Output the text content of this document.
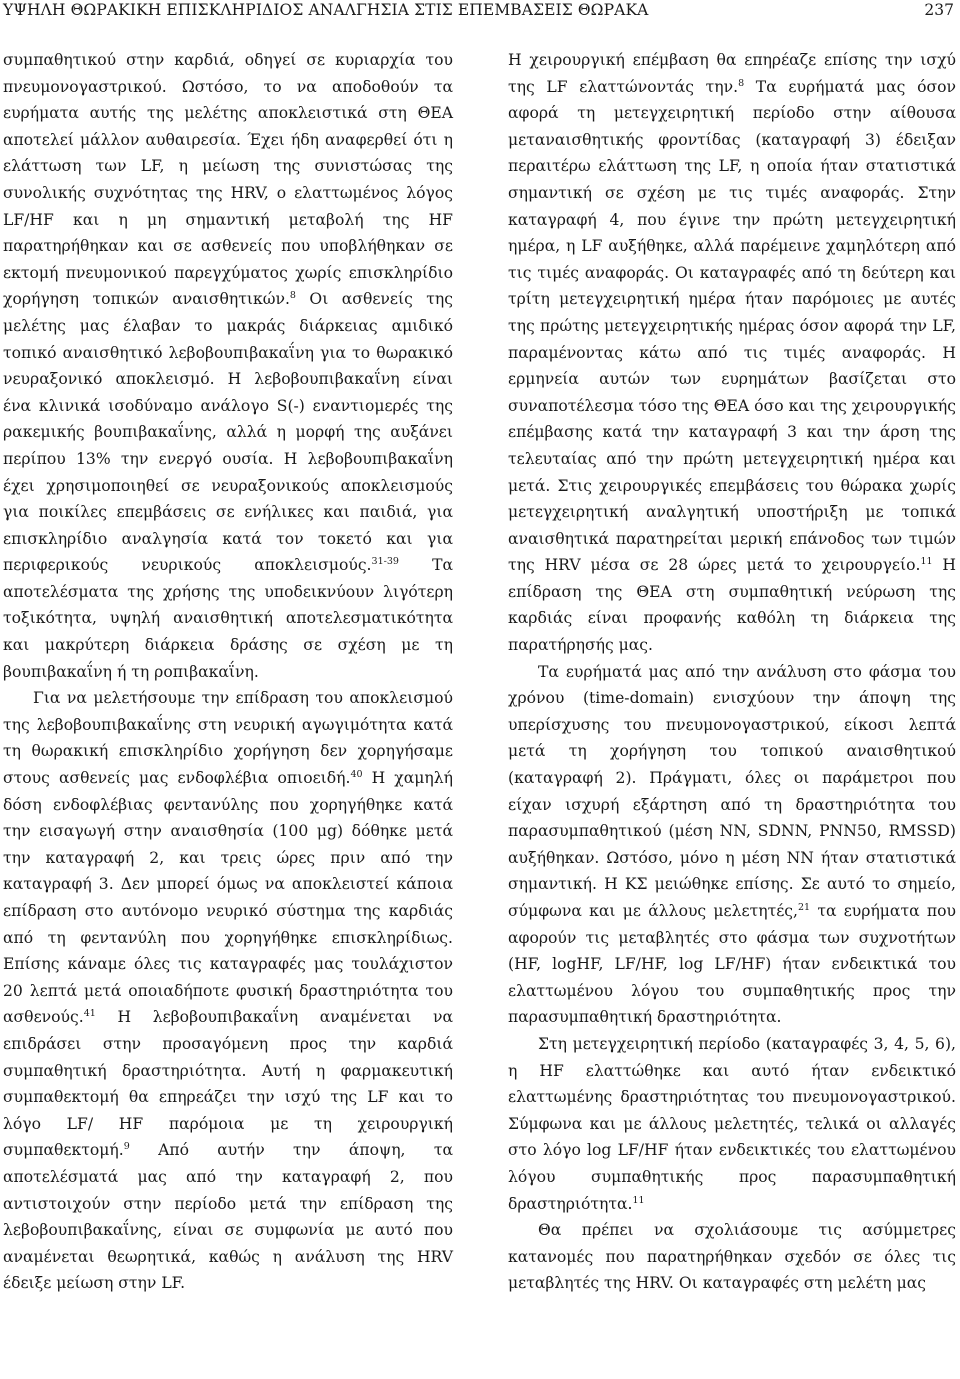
ΥΨΗΛΗ ΘΩΡΑΚΙΚΗ ΕΠΙΣΚΛΗΡΙΔΙΟΣ ΑΝΑΛΓΗΣΙΑ ΣΤΙΣ ΕΠΕΜΒΑΣΕΙΣ ΘΩΡΑΚΑ	237

συμπαθητικού στην καρδιά, οδηγεί σε κυριαρχία του πνευμονογαστρικού. Ωστόσο, το να αποδοθούν τα ευρήματα αυτής της μελέτης αποκλειστικά στη ΘΕΑ αποτελεί μάλλον αυθαιρεσία. Έχει ήδη αναφερθεί ότι η ελάττωση των LF, η μείωση της συνιστώσας της συνολικής συχνότητας της HRV, ο ελαττωμένος λόγος LF/HF και η μη σημαντική μεταβολή της HF παρατηρήθηκαν και σε ασθενείς που υποβλήθηκαν σε εκτομή πνευμονικού παρεγχύματος χωρίς επισκληρίδιο χορήγηση τοπικών αναισθητικών.$^8$ Οι ασθενείς της μελέτης μας έλαβαν το μακράς διάρκειας αμιδικό τοπικό αναισθητικό λεβοβουπιβακαΐνη για το θωρακικό νευραξονικό αποκλεισμό. Η λεβοβουπιβακαΐνη είναι ένα κλινικά ισοδύναμο ανάλογο S(-) εναντιομερές της ρακεμικής βουπιβακαΐνης, αλλά η μορφή της αυξάνει περίπου 13% την ενεργό ουσία. Η λεβοβουπιβακαΐνη έχει χρησιμοποιηθεί σε νευραξονικούς αποκλεισμούς για ποικίλες επεμβάσεις σε ενήλικες και παιδιά, για επισκληρίδιο αναλγησία κατά τον τοκετό και για περιφερικούς νευρικούς αποκλεισμούς.$^{31-39}$ Τα αποτελέσματα της χρήσης της υποδεικνύουν λιγότερη τοξικότητα, υψηλή αναισθητική αποτελεσματικότητα και μακρύτερη διάρκεια δράσης σε σχέση με τη βουπιβακαΐνη ή τη ροπιβακαΐνη.

Για να μελετήσουμε την επίδραση του αποκλεισμού της λεβοβουπιβακαΐνης στη νευρική αγωγιμότητα κατά τη θωρακική επισκληρίδιο χορήγηση δεν χορηγήσαμε στους ασθενείς μας ενδοφλέβια οπιοειδή.$^{40}$ Η χαμηλή δόση ενδοφλέβιας φεντανύλης που χορηγήθηκε κατά την εισαγωγή στην αναισθησία (100 μg) δόθηκε μετά την καταγραφή 2, και τρεις ώρες πριν από την καταγραφή 3. Δεν μπορεί όμως να αποκλειστεί κάποια επίδραση στο αυτόνομο νευρικό σύστημα της καρδιάς από τη φεντανύλη που χορηγήθηκε επισκληρίδιως. Επίσης κάναμε όλες τις καταγραφές μας τουλάχιστον 20 λεπτά μετά οποιαδήποτε φυσική δραστηριότητα του ασθενούς.$^{41}$ Η λεβοβουπιβακαΐνη αναμένεται να επιδράσει στην προσαγόμενη προς την καρδιά συμπαθητική δραστηριότητα. Αυτή η φαρμακευτική συμπαθεκτομή θα επηρεάζει την ισχύ της LF και το λόγο LF/ HF παρόμοια με τη χειρουργική συμπαθεκτομή.$^9$ Από αυτήν την άποψη, τα αποτελέσματά μας από την καταγραφή 2, που αντιστοιχούν στην περίοδο μετά την επίδραση της λεβοβουπιβακαΐνης, είναι σε συμφωνία με αυτό που αναμένεται θεωρητικά, καθώς η ανάλυση της HRV έδειξε μείωση στην LF.

Η χειρουργική επέμβαση θα επηρέαζε επίσης την ισχύ της LF ελαττώνοντάς την.$^8$ Τα ευρήματά μας όσον αφορά τη μετεγχειρητική περίοδο στην αίθουσα μεταναισθητικής φροντίδας (καταγραφή 3) έδειξαν περαιτέρω ελάττωση της LF, η οποία ήταν στατιστικά σημαντική σε σχέση με τις τιμές αναφοράς. Στην καταγραφή 4, που έγινε την πρώτη μετεγχειρητική ημέρα, η LF αυξήθηκε, αλλά παρέμεινε χαμηλότερη από τις τιμές αναφοράς. Οι καταγραφές από τη δεύτερη και τρίτη μετεγχειρητική ημέρα ήταν παρόμοιες με αυτές της πρώτης μετεγχειρητικής ημέρας όσον αφορά την LF, παραμένοντας κάτω από τις τιμές αναφοράς. Η ερμηνεία αυτών των ευρημάτων βασίζεται στο συναποτέλεσμα τόσο της ΘΕΑ όσο και της χειρουργικής επέμβασης κατά την καταγραφή 3 και την άρση της τελευταίας από την πρώτη μετεγχειρητική ημέρα και μετά. Στις χειρουργικές επεμβάσεις του θώρακα χωρίς μετεγχειρητική αναλγητική υποστήριξη με τοπικά αναισθητικά παρατηρείται μερική επάνοδος των τιμών της HRV μέσα σε 28 ώρες μετά το χειρουργείο.$^{11}$ Η επίδραση της ΘΕΑ στη συμπαθητική νεύρωση της καρδιάς είναι προφανής καθόλη τη διάρκεια της παρατήρησής μας.

Τα ευρήματά μας από την ανάλυση στο φάσμα του χρόνου (time-domain) ενισχύουν την άποψη της υπερίσχυσης του πνευμονογαστρικού, είκοσι λεπτά μετά τη χορήγηση του τοπικού αναισθητικού (καταγραφή 2). Πράγματι, όλες οι παράμετροι που είχαν ισχυρή εξάρτηση από τη δραστηριότητα του παρασυμπαθητικού (μέση NN, SDNN, PNN50, RMSSD) αυξήθηκαν. Ωστόσο, μόνο η μέση NN ήταν στατιστικά σημαντική. Η ΚΣ μειώθηκε επίσης. Σε αυτό το σημείο, σύμφωνα και με άλλους μελετητές,$^{21}$ τα ευρήματα που αφορούν τις μεταβλητές στο φάσμα των συχνοτήτων (HF, logHF, LF/HF, log LF/HF) ήταν ενδεικτικά του ελαττωμένου λόγου του συμπαθητικής προς την παρασυμπαθητική δραστηριότητα.

Στη μετεγχειρητική περίοδο (καταγραφές 3, 4, 5, 6), η HF ελαττώθηκε και αυτό ήταν ενδεικτικό ελαττωμένης δραστηριότητας του πνευμονογαστρικού. Σύμφωνα και με άλλους μελετητές, τελικά οι αλλαγές στο λόγο log LF/HF ήταν ενδεικτικές του ελαττωμένου λόγου συμπαθητικής προς παρασυμπαθητική δραστηριότητα.$^{11}$

Θα πρέπει να σχολιάσουμε τις ασύμμετρες κατανομές που παρατηρήθηκαν σχεδόν σε όλες τις μεταβλητές της HRV. Οι καταγραφές στη μελέτη μας
